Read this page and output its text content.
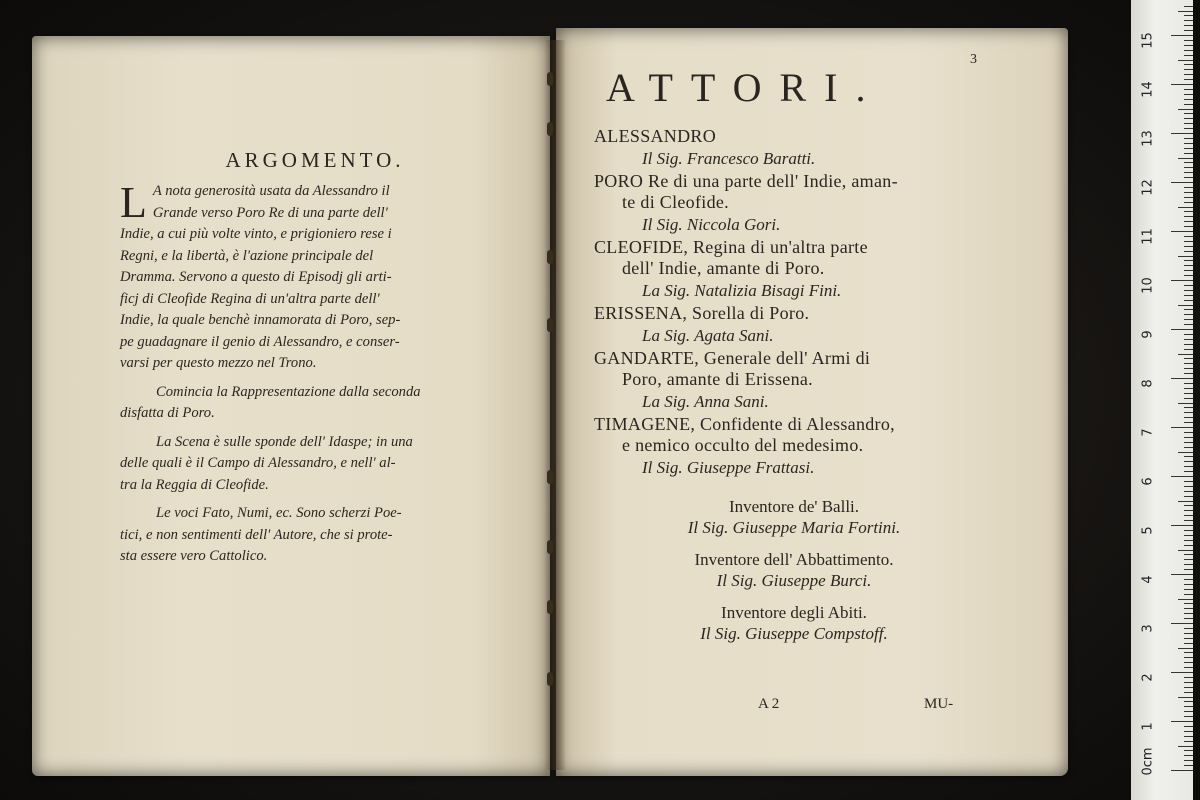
ARGOMENTO.

L A nota generosità usata da Alessandro il
Grande verso Poro Re di una parte dell'
Indie, a cui più volte vinto, e prigioniero rese i
Regni, e la libertà, è l'azione principale del
Dramma. Servono a questo di Episodj gli arti-
ficj di Cleofide Regina di un'altra parte dell'
Indie, la quale benchè innamorata di Poro, sep-
pe guadagnare il genio di Alessandro, e conser-
varsi per questo mezzo nel Trono.

Comincia la Rappresentazione dalla seconda
disfatta di Poro.

La Scena è sulle sponde dell' Idaspe; in una
delle quali è il Campo di Alessandro, e nell' al-
tra la Reggia di Cleofide.

Le voci Fato, Numi, ec. Sono scherzi Poe-
tici, e non sentimenti dell' Autore, che si prote-
sta essere vero Cattolico.

3
ATTORI.

ALESSANDRO

Il Sig. Francesco Baratti.

PORO Re di una parte dell' Indie, aman-

te di Cleofide.

Il Sig. Niccola Gori.

CLEOFIDE, Regina di un'altra parte

dell' Indie, amante di Poro.

La Sig. Natalizia Bisagi Fini.

ERISSENA, Sorella di Poro.

La Sig. Agata Sani.

GANDARTE, Generale dell' Armi di

Poro, amante di Erissena.

La Sig. Anna Sani.

TIMAGENE, Confidente di Alessandro,

e nemico occulto del medesimo.

Il Sig. Giuseppe Frattasi.

Inventore de' Balli.
Il Sig. Giuseppe Maria Fortini.
Inventore dell' Abbattimento.
Il Sig. Giuseppe Burci.
Inventore degli Abiti.
Il Sig. Giuseppe Compstoff.
A 2	MU-
0cm
1
2
3
4
5
6
7
8
9
10
11
12
13
14
15
